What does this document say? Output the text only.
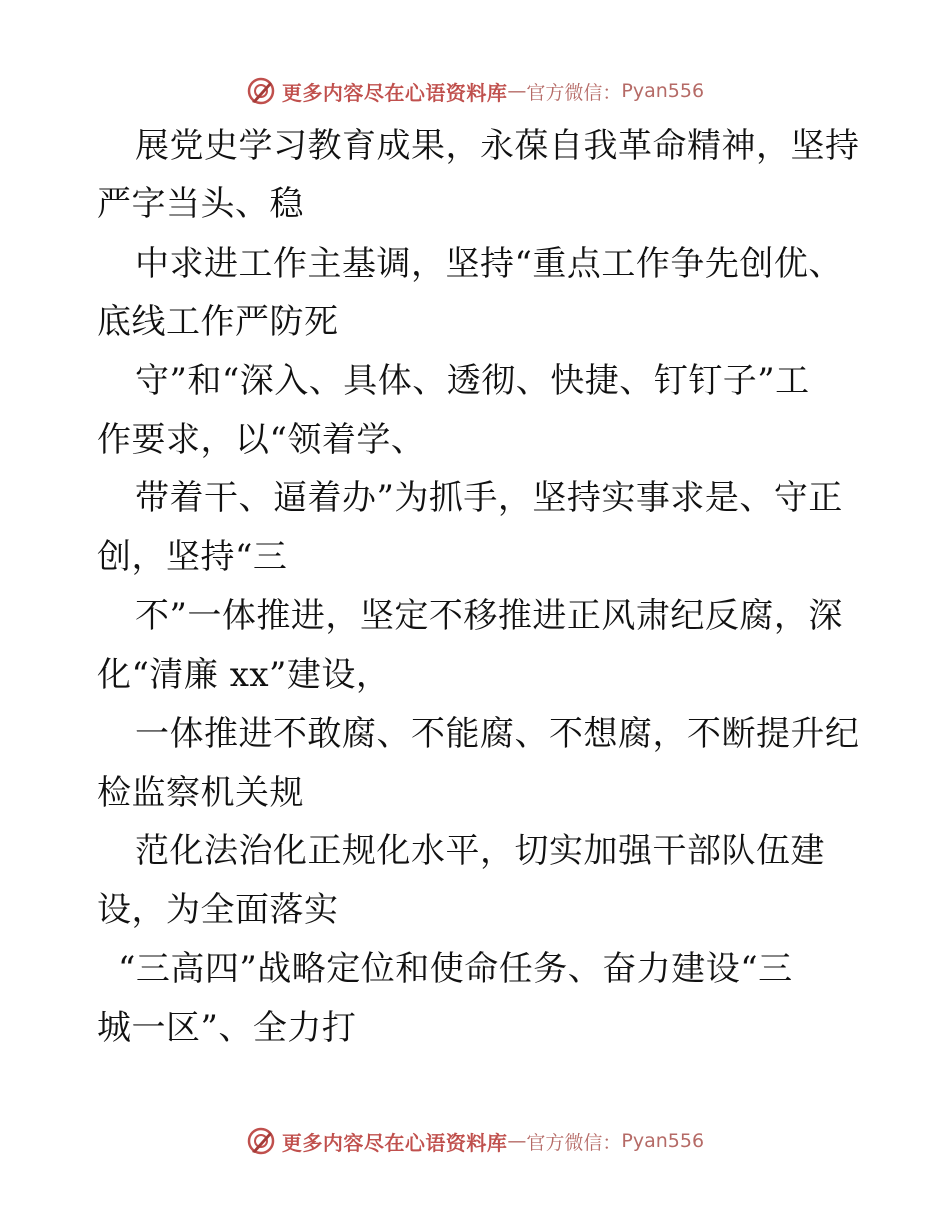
更多内容尽在心语资料库 — 官方微信： Pyan556
展党史学习教育成果，永葆自我革命精神，坚持
严字当头、稳
中求进工作主基调，坚持“重点工作争先创优、
底线工作严防死
守”和“深入、具体、透彻、快捷、钉钉子”工
作要求，以“领着学、
带着干、逼着办”为抓手，坚持实事求是、守正
创，坚持“三
不”一体推进，坚定不移推进正风肃纪反腐，深
化“清廉 xx”建设，
一体推进不敢腐、不能腐、不想腐，不断提升纪
检监察机关规
范化法治化正规化水平，切实加强干部队伍建
设，为全面落实
“三高四”战略定位和使命任务、奋力建设“三
城一区”、全力打
更多内容尽在心语资料库 — 官方微信： Pyan556
